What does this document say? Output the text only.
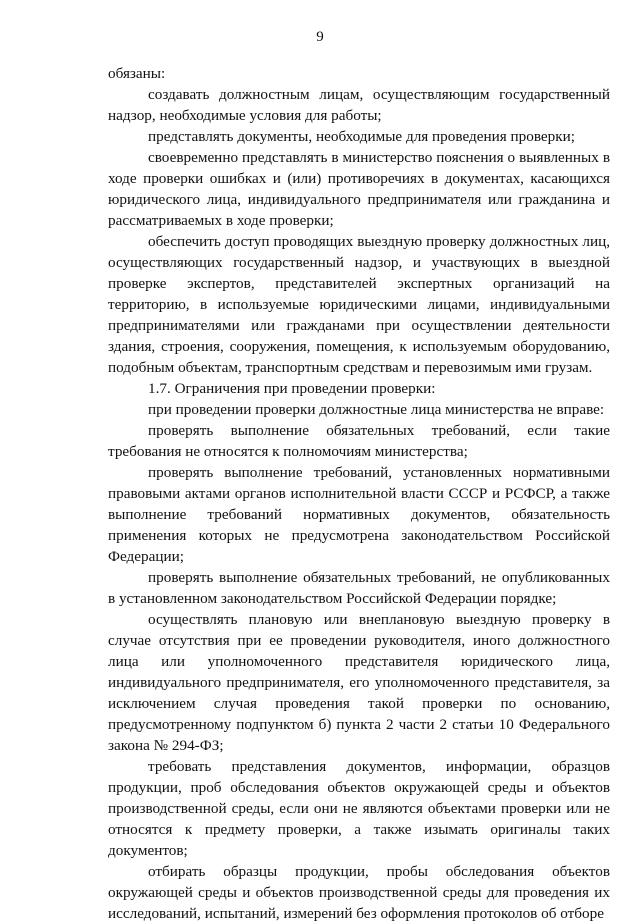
9

обязаны:

создавать должностным лицам, осуществляющим государственный надзор, необходимые условия для работы;

представлять документы, необходимые для проведения проверки;

своевременно представлять в министерство пояснения о выявленных в ходе проверки ошибках и (или) противоречиях в документах, касающихся юридического лица, индивидуального предпринимателя или гражданина и рассматриваемых в ходе проверки;

обеспечить доступ проводящих выездную проверку должностных лиц, осуществляющих государственный надзор, и участвующих в выездной проверке экспертов, представителей экспертных организаций на территорию, в используемые юридическими лицами, индивидуальными предпринимателями или гражданами при осуществлении деятельности здания, строения, сооружения, помещения, к используемым оборудованию, подобным объектам, транспортным средствам и перевозимым ими грузам.

1.7. Ограничения при проведении проверки:

при проведении проверки должностные лица министерства не вправе:

проверять выполнение обязательных требований, если такие требования не относятся к полномочиям министерства;

проверять выполнение требований, установленных нормативными правовыми актами органов исполнительной власти СССР и РСФСР, а также выполнение требований нормативных документов, обязательность применения которых не предусмотрена законодательством Российской Федерации;

проверять выполнение обязательных требований, не опубликованных в установленном законодательством Российской Федерации порядке;

осуществлять плановую или внеплановую выездную проверку в случае отсутствия при ее проведении руководителя, иного должностного лица или уполномоченного представителя юридического лица, индивидуального предпринимателя, его уполномоченного представителя, за исключением случая проведения такой проверки по основанию, предусмотренному подпунктом б) пункта 2 части 2 статьи 10 Федерального закона № 294-ФЗ;

требовать представления документов, информации, образцов продукции, проб обследования объектов окружающей среды и объектов производственной среды, если они не являются объектами проверки или не относятся к предмету проверки, а также изымать оригиналы таких документов;

отбирать образцы продукции, пробы обследования объектов окружающей среды и объектов производственной среды для проведения их исследований, испытаний, измерений без оформления протоколов об отборе
